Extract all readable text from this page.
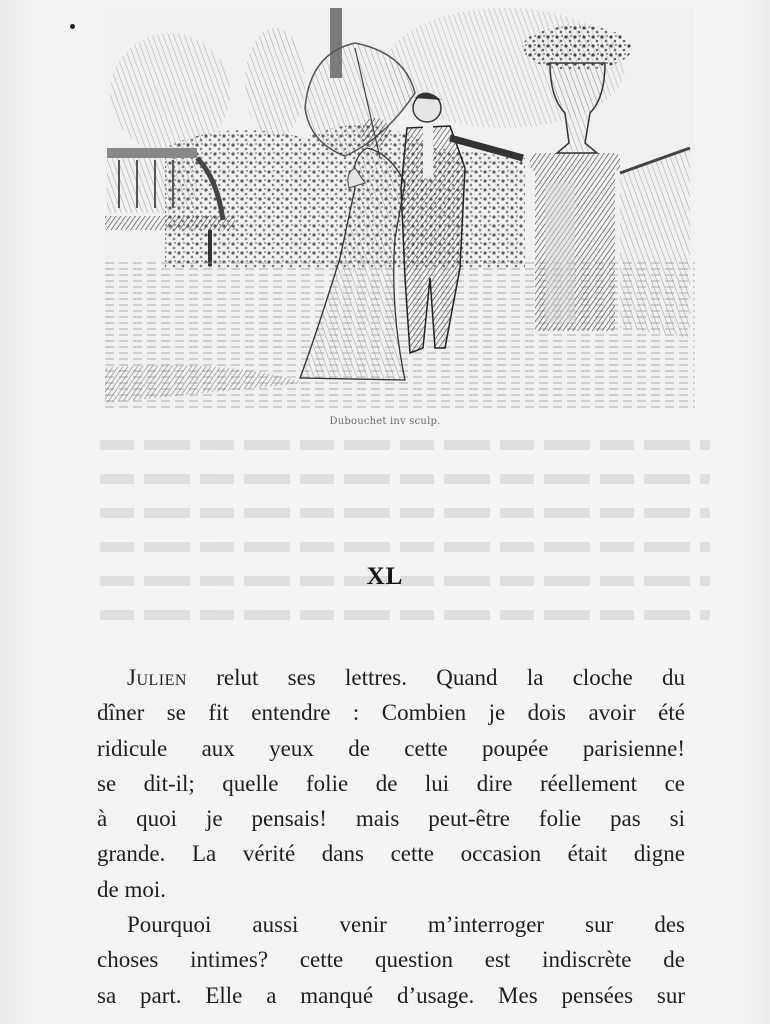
Dubouchet inv sculp.
XL

Julien relut ses lettres. Quand la cloche du

dîner se fit entendre : Combien je dois avoir été

ridicule aux yeux de cette poupée parisienne!

se dit-il; quelle folie de lui dire réellement ce

à quoi je pensais! mais peut-être folie pas si

grande. La vérité dans cette occasion était digne

de moi.

Pourquoi aussi venir m’interroger sur des

choses intimes? cette question est indiscrète de

sa part. Elle a manqué d’usage. Mes pensées sur
